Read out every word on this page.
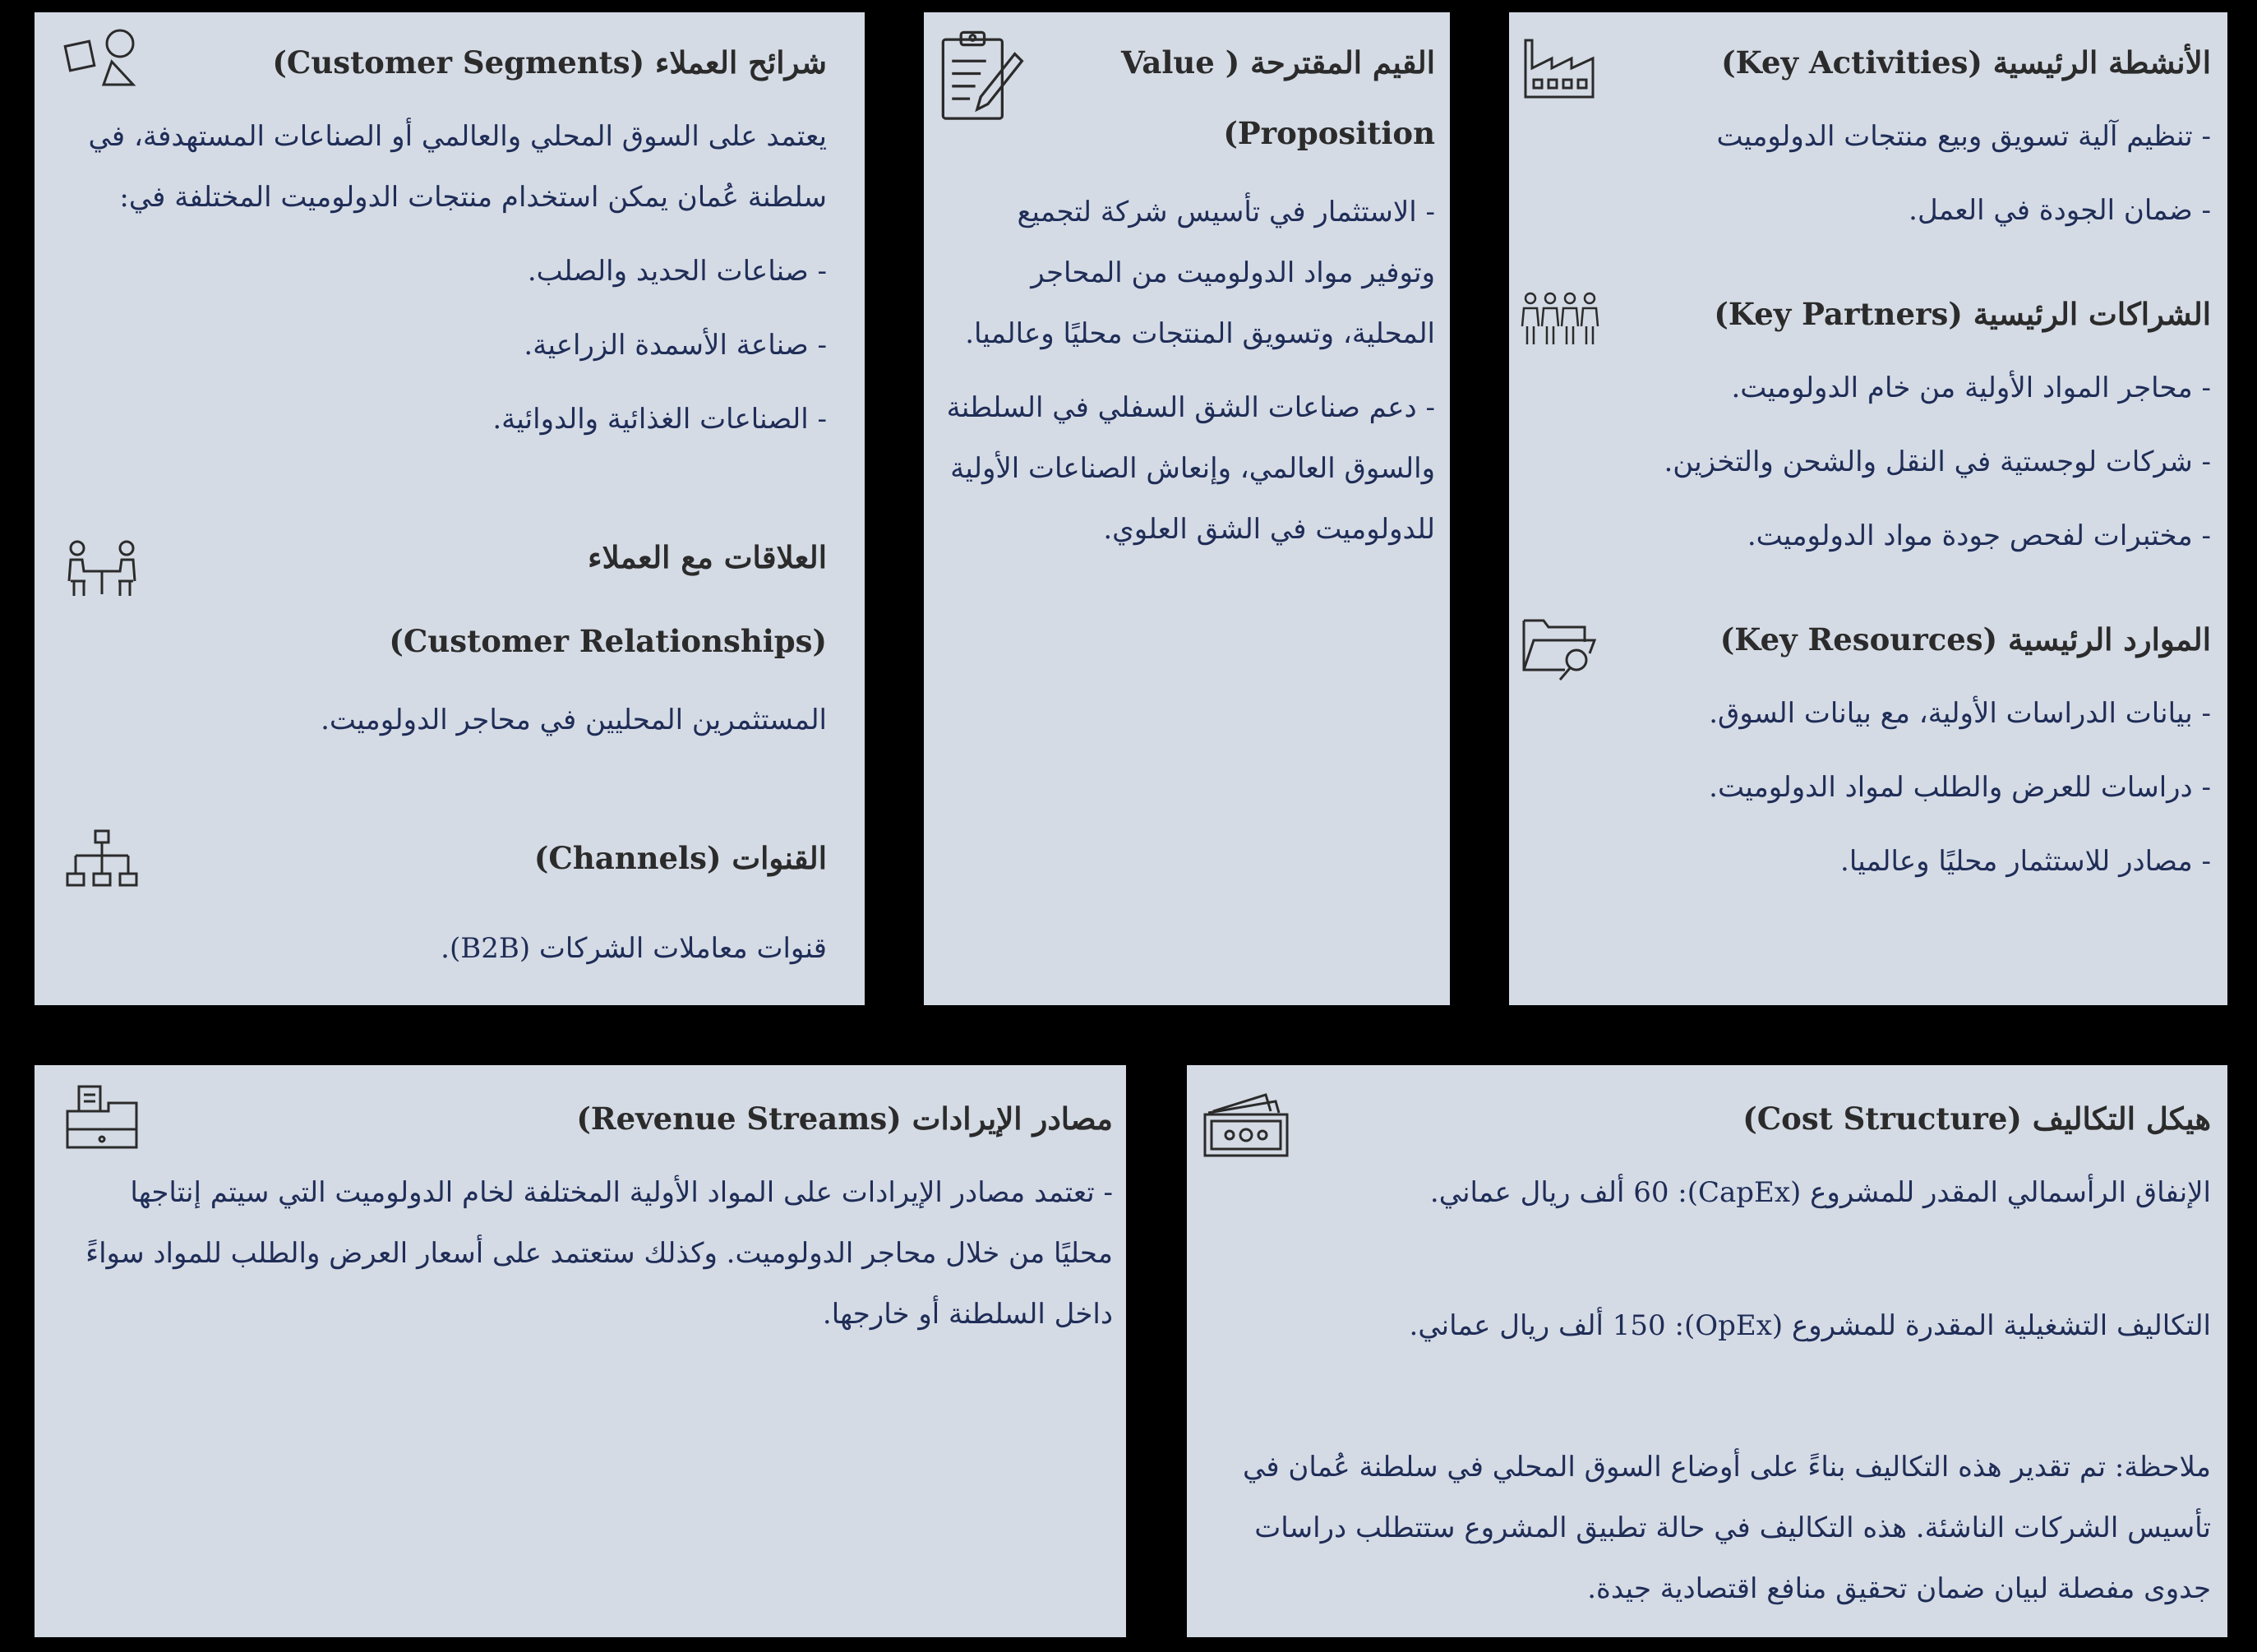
شرائح العملاء (Customer Segments)
يعتمد على السوق المحلي والعالمي أو الصناعات المستهدفة، في سلطنة عُمان يمكن استخدام منتجات الدولوميت المختلفة في:
- صناعات الحديد والصلب.
- صناعة الأسمدة الزراعية.
- الصناعات الغذائية والدوائية.
العلاقات مع العملاء
(Customer Relationships)
المستثمرين المحليين في محاجر الدولوميت.
القنوات (Channels)
قنوات معاملات الشركات (B2B).
القيم المقترحة ( Value
Proposition)
- الاستثمار في تأسيس شركة لتجميع وتوفير مواد الدولوميت من المحاجر المحلية، وتسويق المنتجات محليًا وعالميا.
- دعم صناعات الشق السفلي في السلطنة والسوق العالمي، وإنعاش الصناعات الأولية للدولوميت في الشق العلوي.
الأنشطة الرئيسية (Key Activities)
- تنظيم آلية تسويق وبيع منتجات الدولوميت
- ضمان الجودة في العمل.
الشراكات الرئيسية (Key Partners)
- محاجر المواد الأولية من خام الدولوميت.
- شركات لوجستية في النقل والشحن والتخزين.
- مختبرات لفحص جودة مواد الدولوميت.
الموارد الرئيسية (Key Resources)
- بيانات الدراسات الأولية، مع بيانات السوق.
- دراسات للعرض والطلب لمواد الدولوميت.
- مصادر للاستثمار محليًا وعالميا.
مصادر الإيرادات (Revenue Streams)
- تعتمد مصادر الإيرادات على المواد الأولية المختلفة لخام الدولوميت التي سيتم إنتاجها محليًا من خلال محاجر الدولوميت. وكذلك ستعتمد على أسعار العرض والطلب للمواد سواءً داخل السلطنة أو خارجها.
هيكل التكاليف (Cost Structure)
الإنفاق الرأسمالي المقدر للمشروع (CapEx): 60 ألف ريال عماني.
التكاليف التشغيلية المقدرة للمشروع (OpEx): 150 ألف ريال عماني.
ملاحظة: تم تقدير هذه التكاليف بناءً على أوضاع السوق المحلي في سلطنة عُمان في تأسيس الشركات الناشئة. هذه التكاليف في حالة تطبيق المشروع ستتطلب دراسات جدوى مفصلة لبيان ضمان تحقيق منافع اقتصادية جيدة.
